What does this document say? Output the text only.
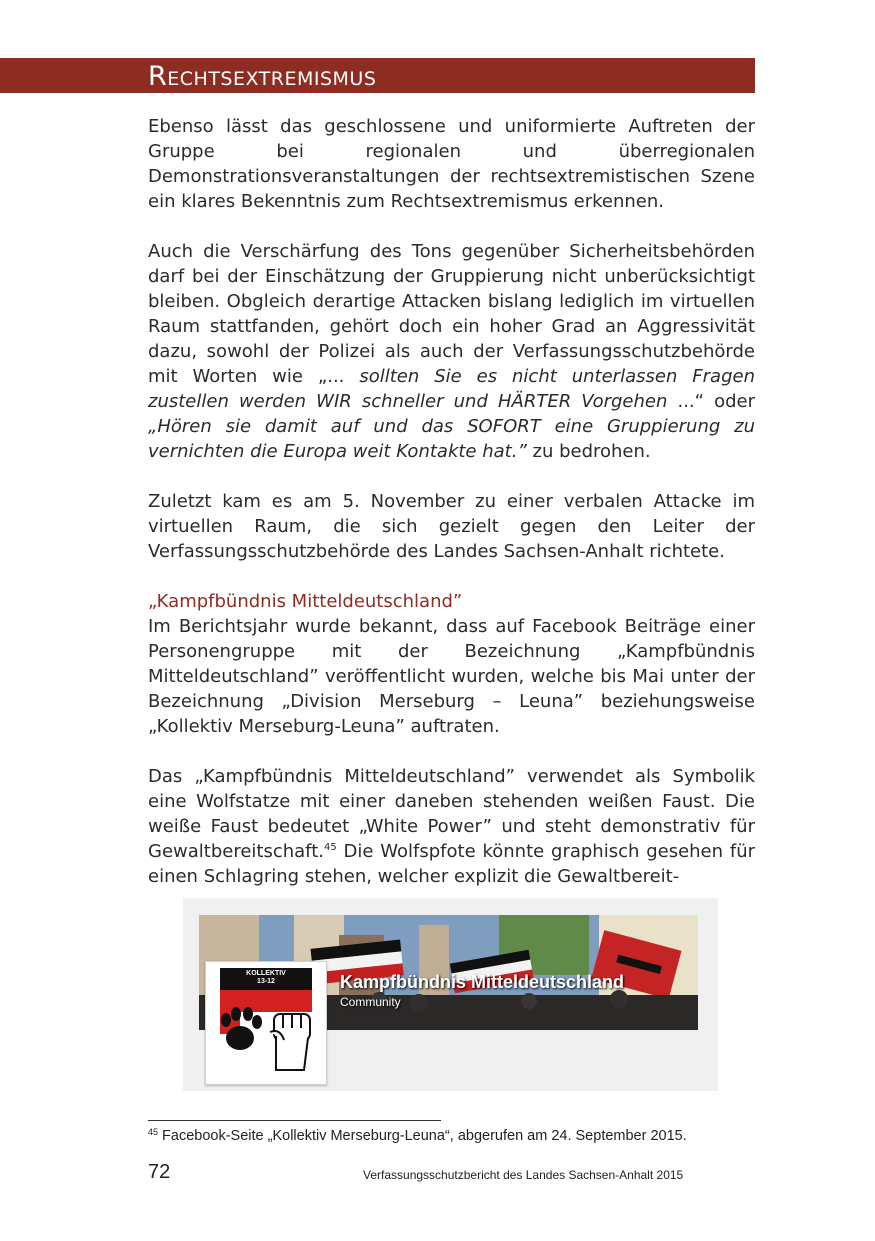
Rechtsextremismus

Ebenso lässt das geschlossene und uniformierte Auftreten der Gruppe bei regionalen und überregionalen Demonstrationsveranstaltungen der rechtsextremistischen Szene ein klares Bekenntnis zum Rechtsextremismus erkennen.

Auch die Verschärfung des Tons gegenüber Sicherheitsbehörden darf bei der Einschätzung der Gruppierung nicht unberücksichtigt bleiben. Obgleich derartige Attacken bislang lediglich im virtuellen Raum stattfanden, gehört doch ein hoher Grad an Aggressivität dazu, sowohl der Polizei als auch der Verfassungsschutzbehörde mit Worten wie „... sollten Sie es nicht unterlassen Fragen zustellen werden WIR schneller und HÄRTER Vorgehen ...“ oder „Hören sie damit auf und das SOFORT eine Gruppierung zu vernichten die Europa weit Kontakte hat.” zu bedrohen.

Zuletzt kam es am 5. November zu einer verbalen Attacke im virtuellen Raum, die sich gezielt gegen den Leiter der Verfassungsschutzbehörde des Landes Sachsen-Anhalt richtete.

„Kampfbündnis Mitteldeutschland”

Im Berichtsjahr wurde bekannt, dass auf Facebook Beiträge einer Personengruppe mit der Bezeichnung „Kampfbündnis Mitteldeutschland” veröffentlicht wurden, welche bis Mai unter der Bezeichnung „Division Merseburg – Leuna” beziehungsweise „Kollektiv Merseburg-Leuna” auftraten.

Das „Kampfbündnis Mitteldeutschland” verwendet als Symbolik eine Wolfstatze mit einer daneben stehenden weißen Faust. Die weiße Faust bedeutet „White Power” und steht demonstrativ für Gewaltbereitschaft.$^{45}$ Die Wolfspfote könnte graphisch gesehen für einen Schlagring stehen, welcher explizit die Gewaltbereit-

Kampfbündnis Mitteldeutschland
Community
KOLLEKTIV
13-12
$^{45}$ Facebook-Seite „Kollektiv Merseburg-Leuna“, abgerufen am 24. September 2015.
72	Verfassungsschutzbericht des Landes Sachsen-Anhalt 2015
